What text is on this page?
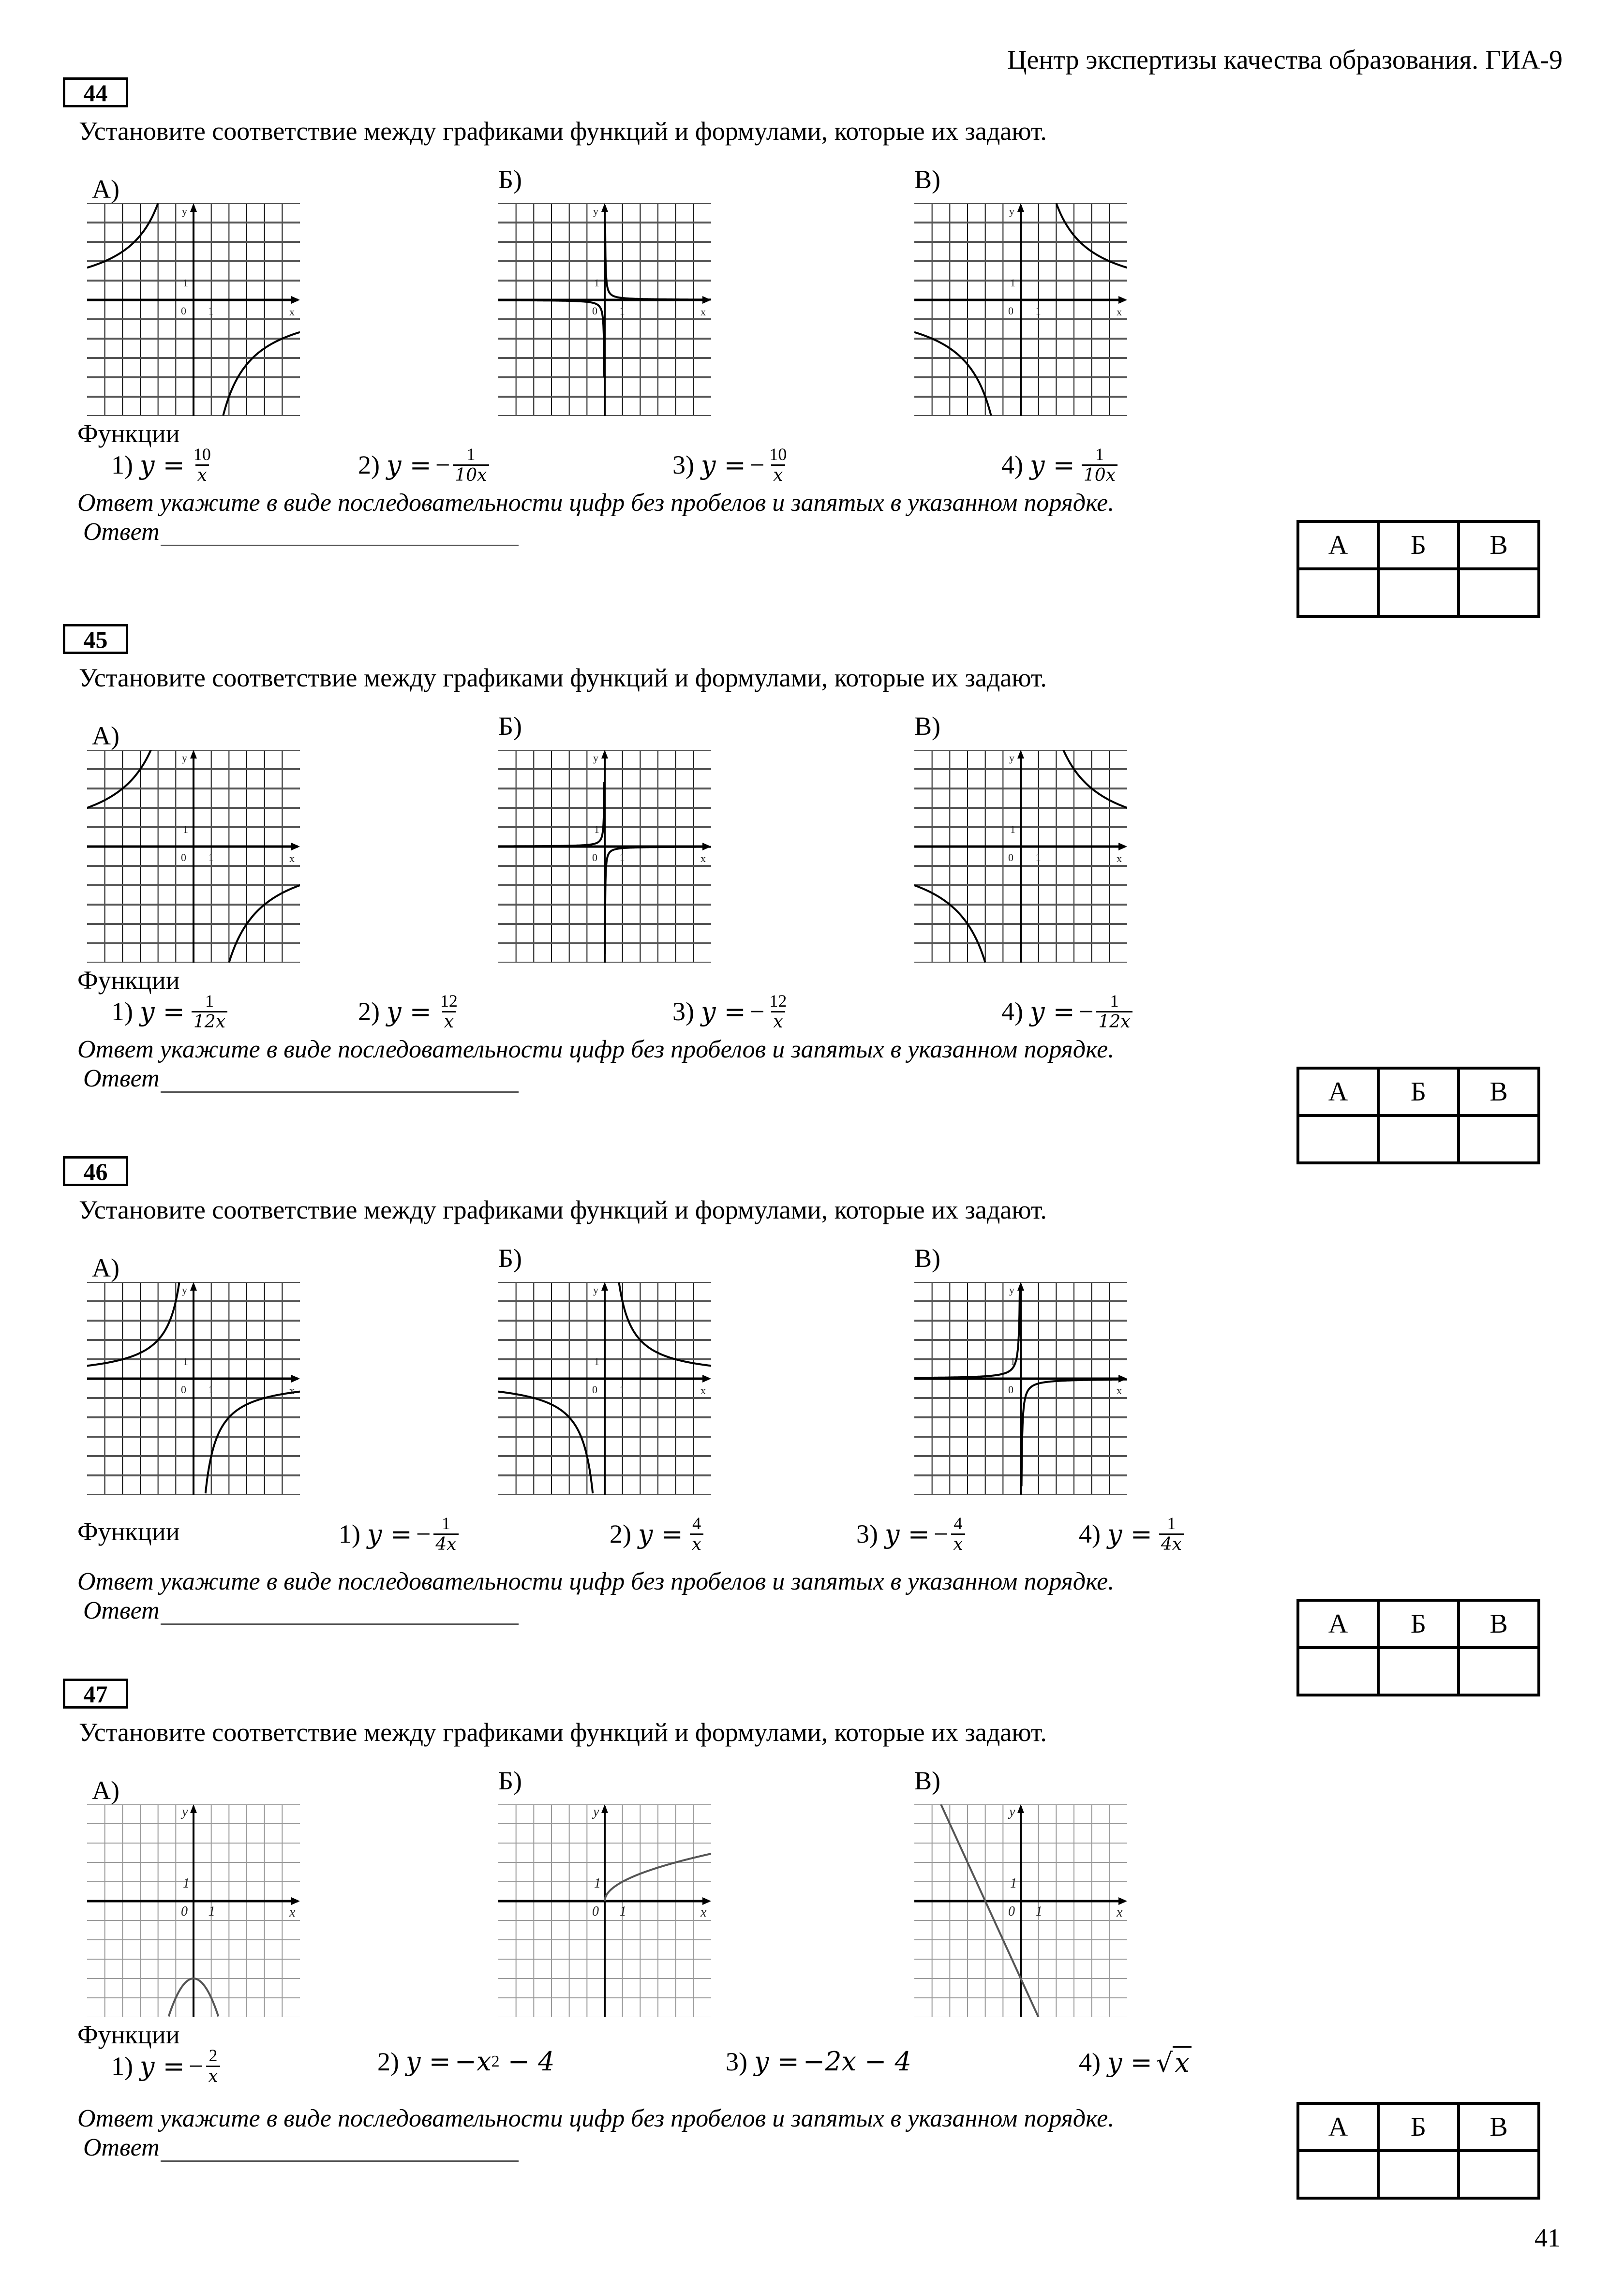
Центр экспертизы качества образования. ГИА-9
44
Установите соответствие между графиками функций и формулами, которые их задают.
А)
y
x
0 1
1
Б)
y
x
0 1
1
В)
y
x
0 1
1
Функции
1) $y = \frac{10}{x}$	2) y = − $\frac{1}{10x}$	3) y = − $\frac{10}{x}$	4) $y = \frac{1}{10x}$
Ответ укажите в виде последовательности цифр без пробелов и запятых в указанном порядке.
Ответ	А	Б	В

45
Установите соответствие между графиками функций и формулами, которые их задают.
А)
y
x
0 1
1
Б)
y
x
0 1
1
В)
y
x
0 1
1
Функции
1) $y = \frac{1}{12x}$	2) $y = \frac{12}{x}$	3) y = − $\frac{12}{x}$	4) y = − $\frac{1}{12x}$
Ответ укажите в виде последовательности цифр без пробелов и запятых в указанном порядке.
Ответ	А	Б	В

46
Установите соответствие между графиками функций и формулами, которые их задают.
А)
y
x
0 1
1
Б)
y
x
0 1
1
В)
y
x
0 1
1
Функции	1) y = − $\frac{1}{4x}$	2) $y = \frac{4}{x}$	3) y = − $\frac{4}{x}$	4) $y = \frac{1}{4x}$
Ответ укажите в виде последовательности цифр без пробелов и запятых в указанном порядке.
Ответ	А	Б	В

47
Установите соответствие между графиками функций и формулами, которые их задают.
А)
y
x
0 1
1
Б)
y
x
0 1
1
В)
y
x
0 1
1
Функции
1) y = − $\frac{2}{x}$	2) y = −x 2 − 4	3) y = −2x − 4	4) y = √ x
Ответ укажите в виде последовательности цифр без пробелов и запятых в указанном порядке.
Ответ
А	Б	В

41
